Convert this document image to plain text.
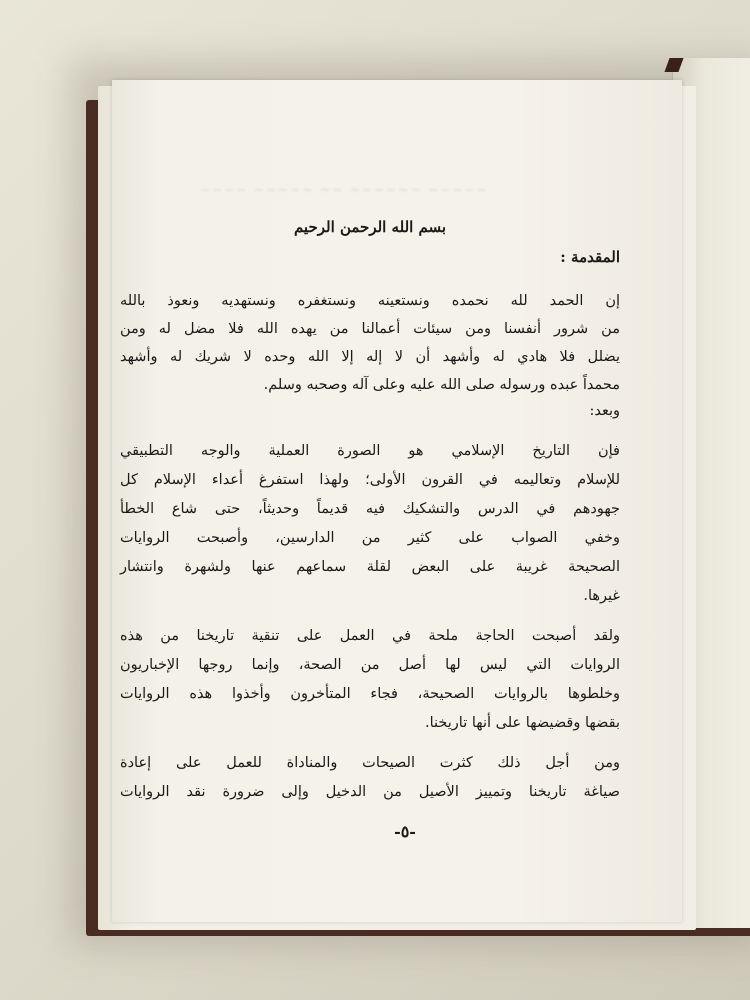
~~~~ ~~~~~ ~~ ~~~~~~ ~~~~~
بسم الله الرحمن الرحيم
المقدمة :
إن الحمد لله نحمده ونستعينه ونستغفره ونستهديه ونعوذ بالله
من شرور أنفسنا ومن سيئات أعمالنا من يهده الله فلا مضل له ومن
يضلل فلا هادي له وأشهد أن لا إله إلا الله وحده لا شريك له وأشهد
محمداً عبده ورسوله صلى الله عليه وعلى آله وصحبه وسلم.
وبعد:
فإن التاريخ الإسلامي هو الصورة العملية والوجه التطبيقي
للإسلام وتعاليمه في القرون الأولى؛ ولهذا استفرغ أعداء الإسلام كل
جهودهم في الدرس والتشكيك فيه قديماً وحديثاً، حتى شاع الخطأ
وخفي الصواب على كثير من الدارسين، وأصبحت الروايات
الصحيحة غريبة على البعض لقلة سماعهم عنها ولشهرة وانتشار
غيرها.
ولقد أصبحت الحاجة ملحة في العمل على تنقية تاريخنا من هذه
الروايات التي ليس لها أصل من الصحة، وإنما روجها الإخباريون
وخلطوها بالروايات الصحيحة، فجاء المتأخرون وأخذوا هذه الروايات
بقضها وقضيضها على أنها تاريخنا.
ومن أجل ذلك كثرت الصيحات والمناداة للعمل على إعادة
صياغة تاريخنا وتمييز الأصيل من الدخيل وإلى ضرورة نقد الروايات
-٥-
